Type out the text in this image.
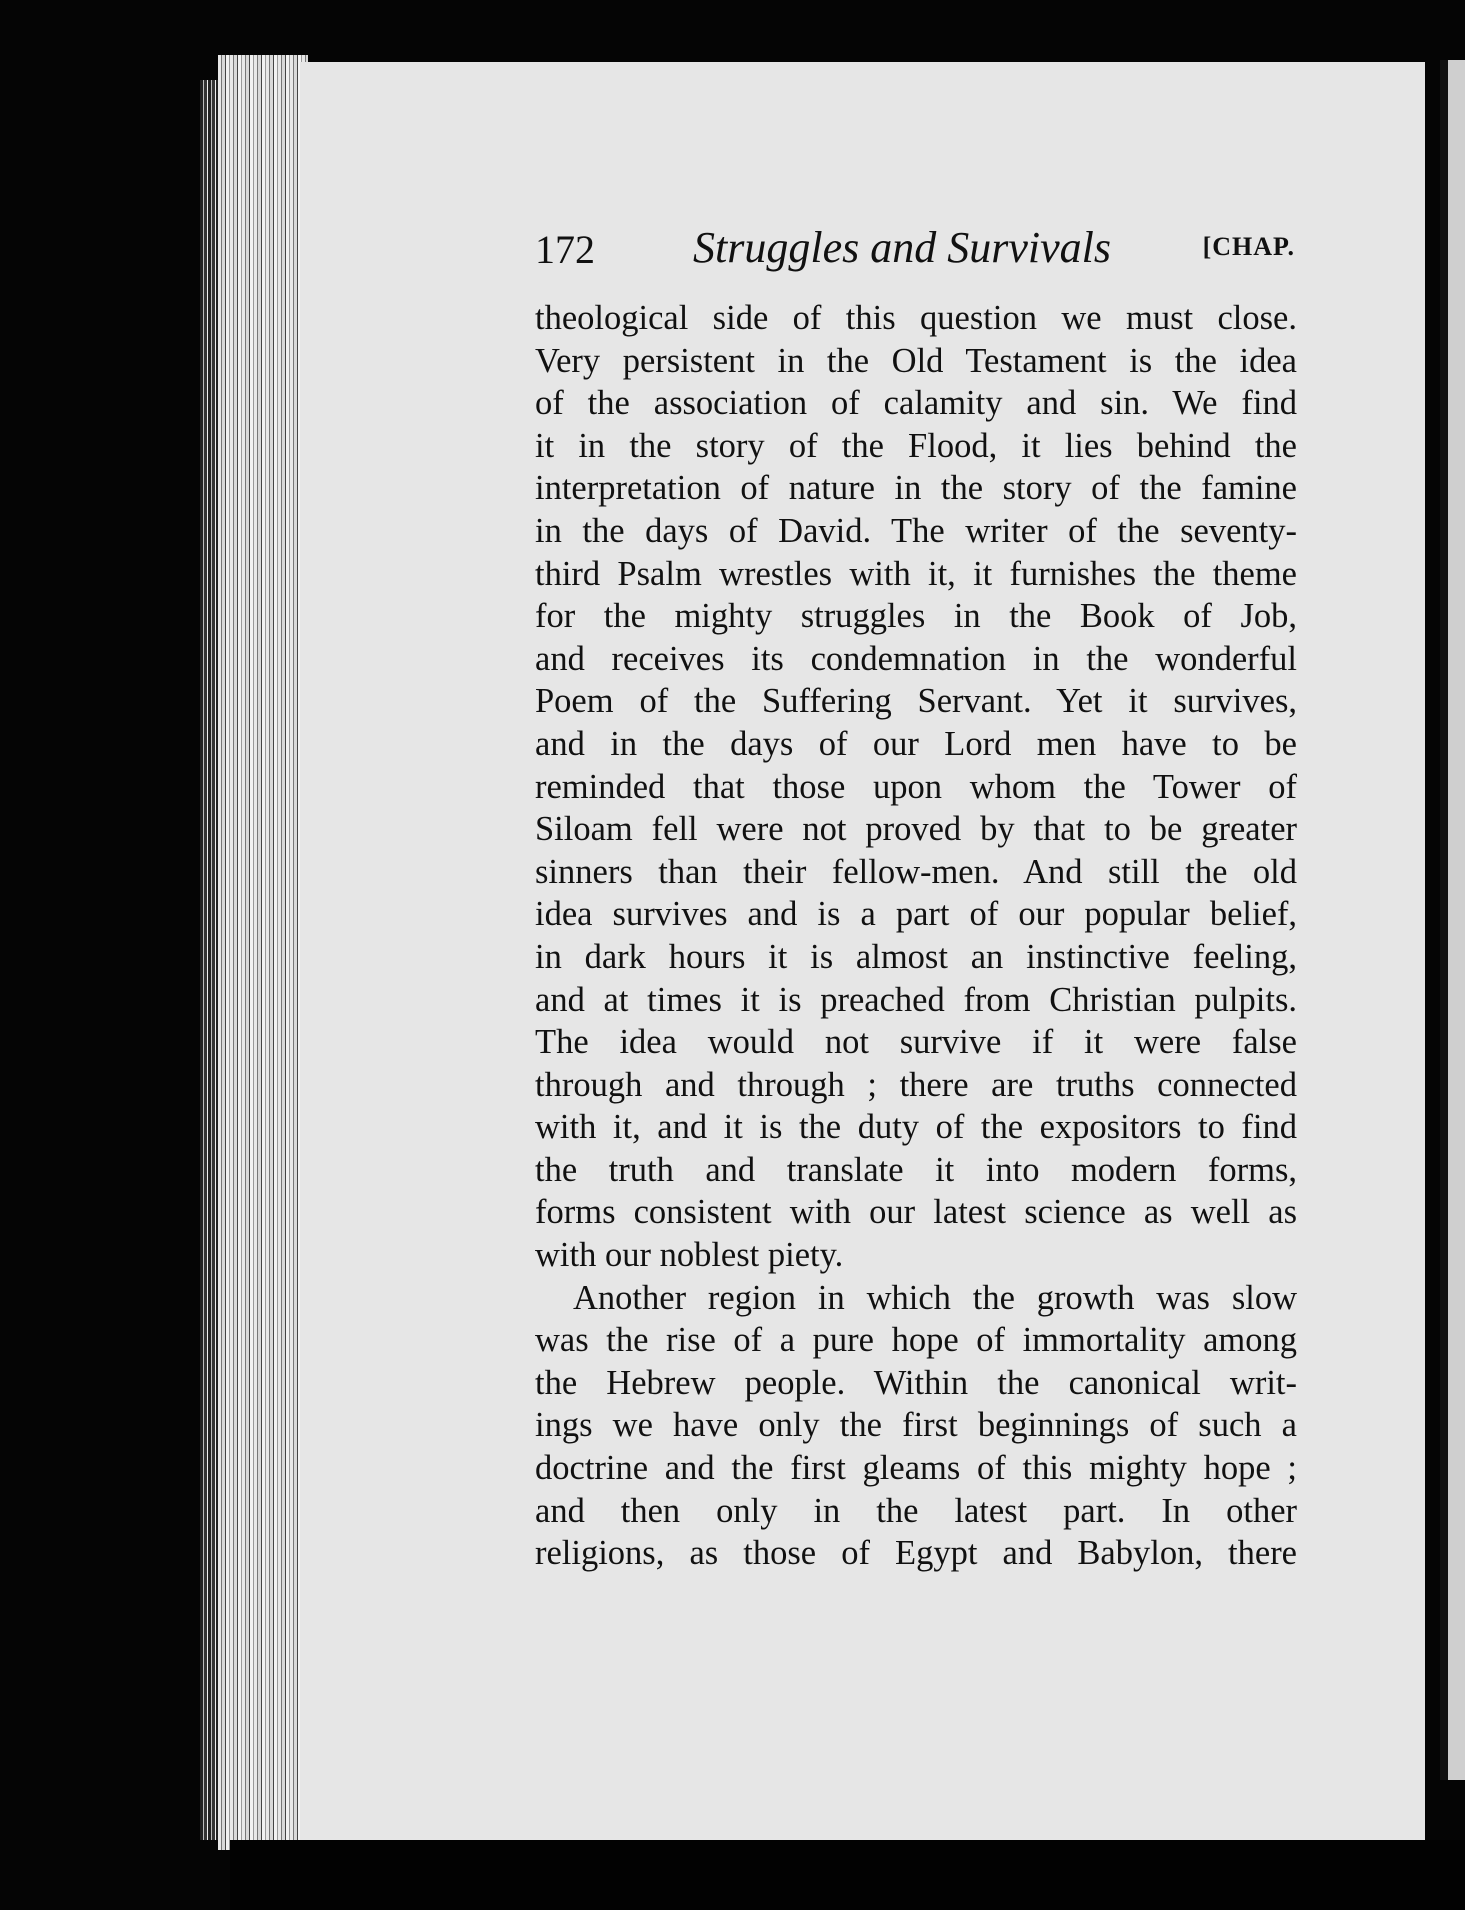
172 Struggles and Survivals	[CHAP.
theological side of this question we must close.
Very persistent in the Old Testament is the idea
of the association of calamity and sin. We find
it in the story of the Flood, it lies behind the
interpretation of nature in the story of the famine
in the days of David. The writer of the seventy-
third Psalm wrestles with it, it furnishes the theme
for the mighty struggles in the Book of Job,
and receives its condemnation in the wonderful
Poem of the Suffering Servant. Yet it survives,
and in the days of our Lord men have to be
reminded that those upon whom the Tower of
Siloam fell were not proved by that to be greater
sinners than their fellow-men. And still the old
idea survives and is a part of our popular belief,
in dark hours it is almost an instinctive feeling,
and at times it is preached from Christian pulpits.
The idea would not survive if it were false
through and through ; there are truths connected
with it, and it is the duty of the expositors to find
the truth and translate it into modern forms,
forms consistent with our latest science as well as
with our noblest piety.
Another region in which the growth was slow
was the rise of a pure hope of immortality among
the Hebrew people. Within the canonical writ-
ings we have only the first beginnings of such a
doctrine and the first gleams of this mighty hope ;
and then only in the latest part. In other
religions, as those of Egypt and Babylon, there
